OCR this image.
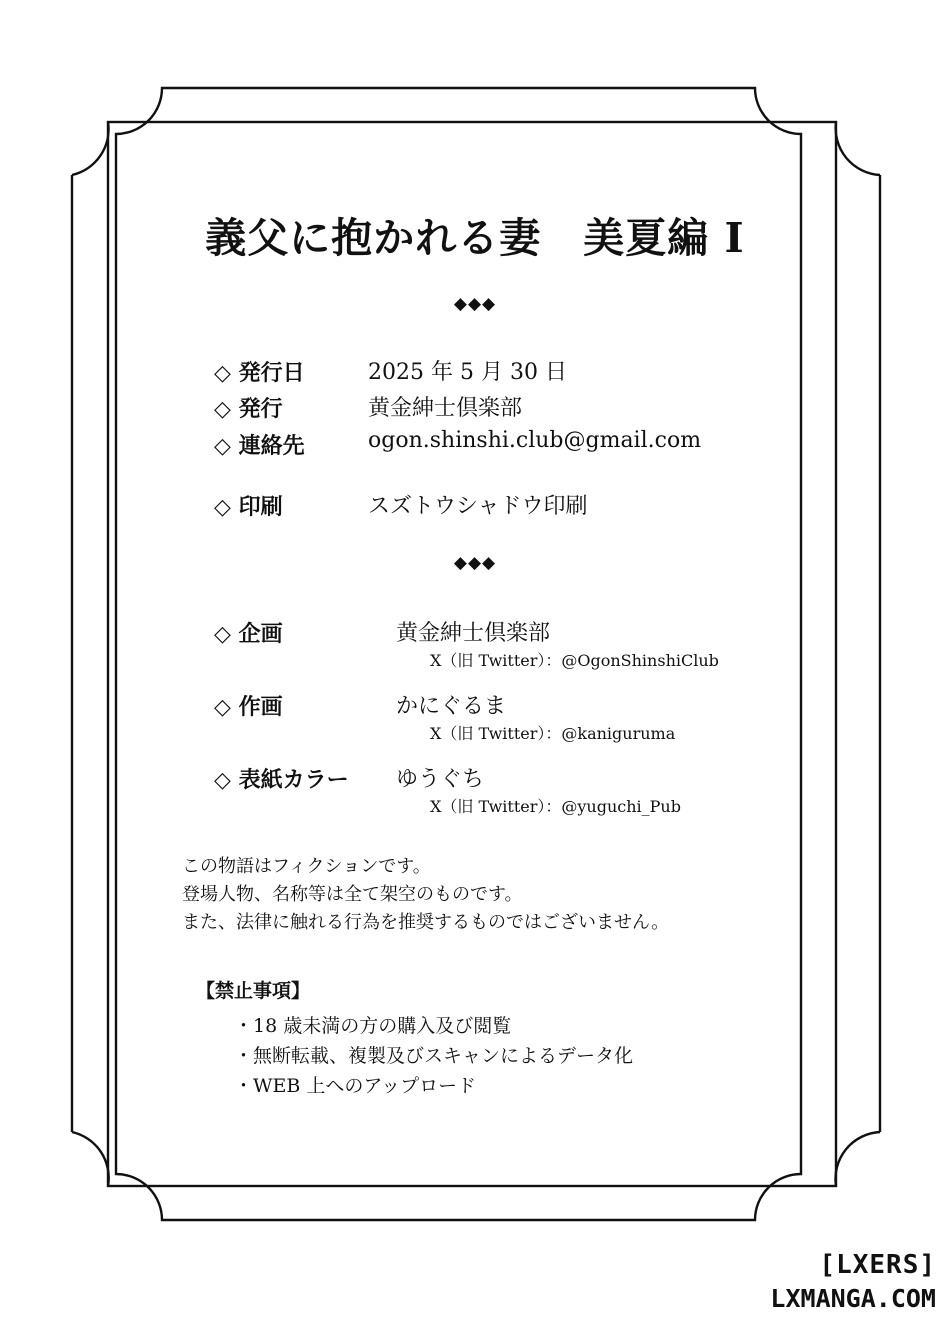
義父に抱かれる妻　美夏編 I
◆◆◆
◇ 発行日	2025 年 5 月 30 日
◇ 発行	黄金紳士倶楽部
◇ 連絡先	ogon.shinshi.club@gmail.com
◇ 印刷	スズトウシャドウ印刷
◆◆◆
◇ 企画	黄金紳士倶楽部
X（旧 Twitter）：@OgonShinshiClub
◇ 作画	かにぐるま
X（旧 Twitter）：@kaniguruma
◇ 表紙カラー ゆうぐち
X（旧 Twitter）：@yuguchi_Pub
この物語はフィクションです。
登場人物、名称等は全て架空のものです。
また、法律に触れる行為を推奨するものではございません。
【禁止事項】
・18 歳未満の方の購入及び閲覧
・無断転載、複製及びスキャンによるデータ化
・WEB 上へのアップロード
[LXERS]
LXMANGA.COM
